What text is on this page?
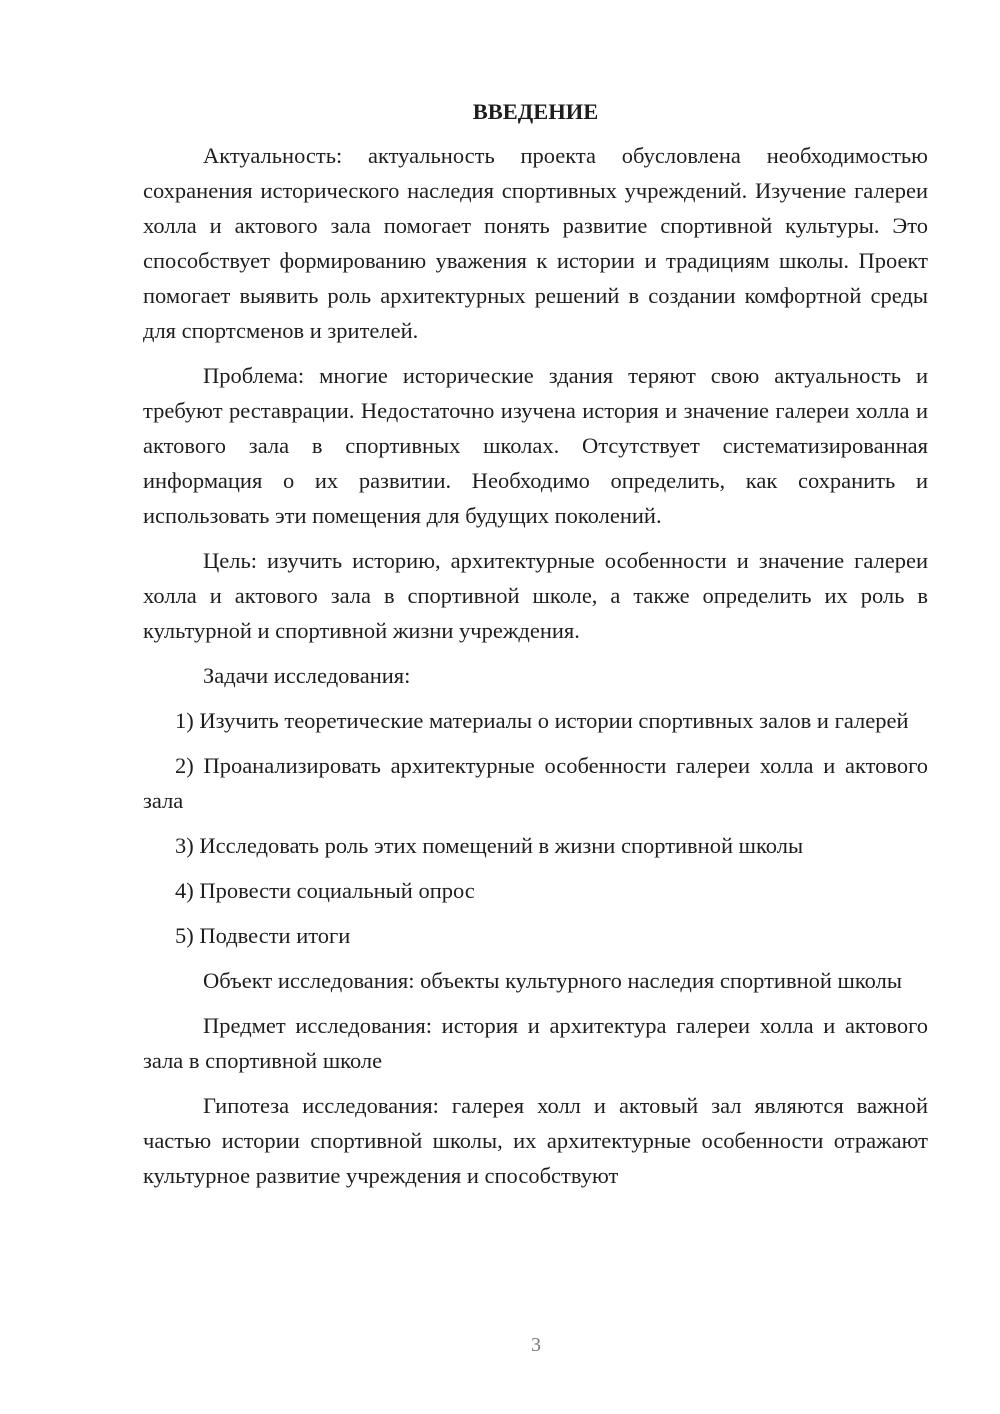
ВВЕДЕНИЕ

Актуальность: актуальность проекта обусловлена необходимостью сохранения исторического наследия спортивных учреждений. Изучение галереи холла и актового зала помогает понять развитие спортивной культуры. Это способствует формированию уважения к истории и традициям школы. Проект помогает выявить роль архитектурных решений в создании комфортной среды для спортсменов и зрителей.

Проблема: многие исторические здания теряют свою актуальность и требуют реставрации. Недостаточно изучена история и значение галереи холла и актового зала в спортивных школах. Отсутствует систематизированная информация о их развитии. Необходимо определить, как сохранить и использовать эти помещения для будущих поколений.

Цель: изучить историю, архитектурные особенности и значение галереи холла и актового зала в спортивной школе, а также определить их роль в культурной и спортивной жизни учреждения.

Задачи исследования:

1) Изучить теоретические материалы о истории спортивных залов и галерей

2) Проанализировать архитектурные особенности галереи холла и актового зала

3) Исследовать роль этих помещений в жизни спортивной школы

4) Провести социальный опрос

5) Подвести итоги

Объект исследования: объекты культурного наследия спортивной школы

Предмет исследования: история и архитектура галереи холла и актового зала в спортивной школе

Гипотеза исследования: галерея холл и актовый зал являются важной частью истории спортивной школы, их архитектурные особенности отражают культурное развитие учреждения и способствуют

3
